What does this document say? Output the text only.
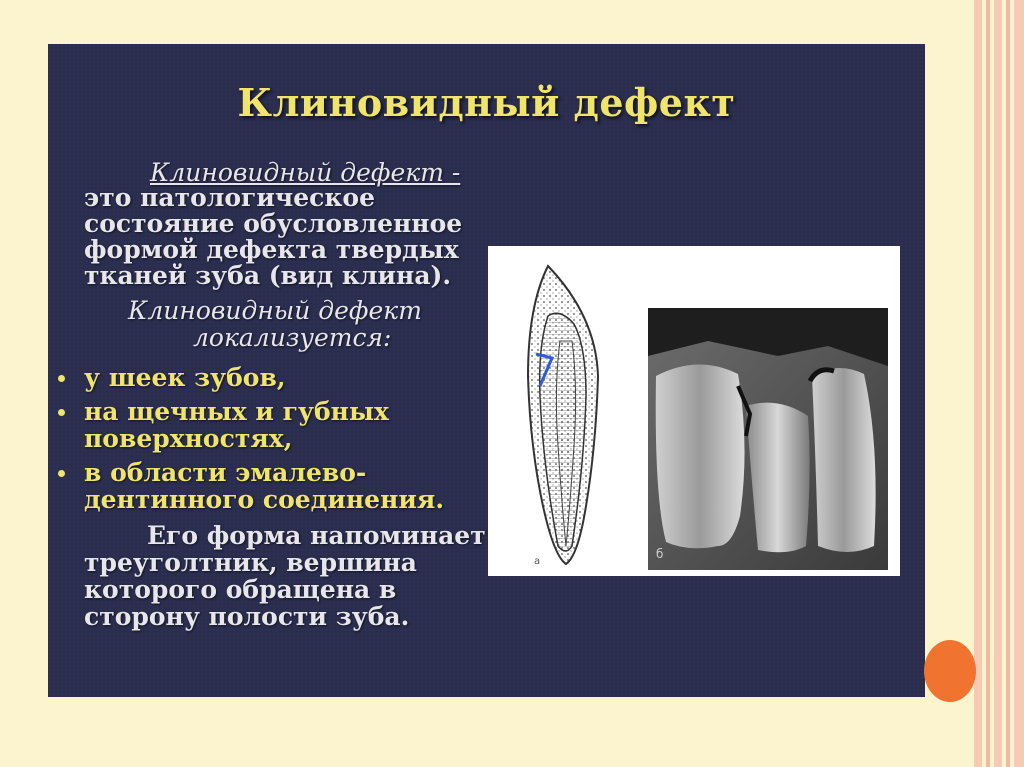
Клиновидный дефект
Клиновидный дефект -
это патологическое
состояние обусловленное
формой дефекта твердых
тканей зуба (вид клина).
Клиновидный дефект
локализуется:
у шеек зубов,
на щечных и губных
поверхностях,
в области эмалево-
дентинного соединения.
Его форма напоминает
треуголтник, вершина
которого обращена в
сторону полости зуба.
а
б
